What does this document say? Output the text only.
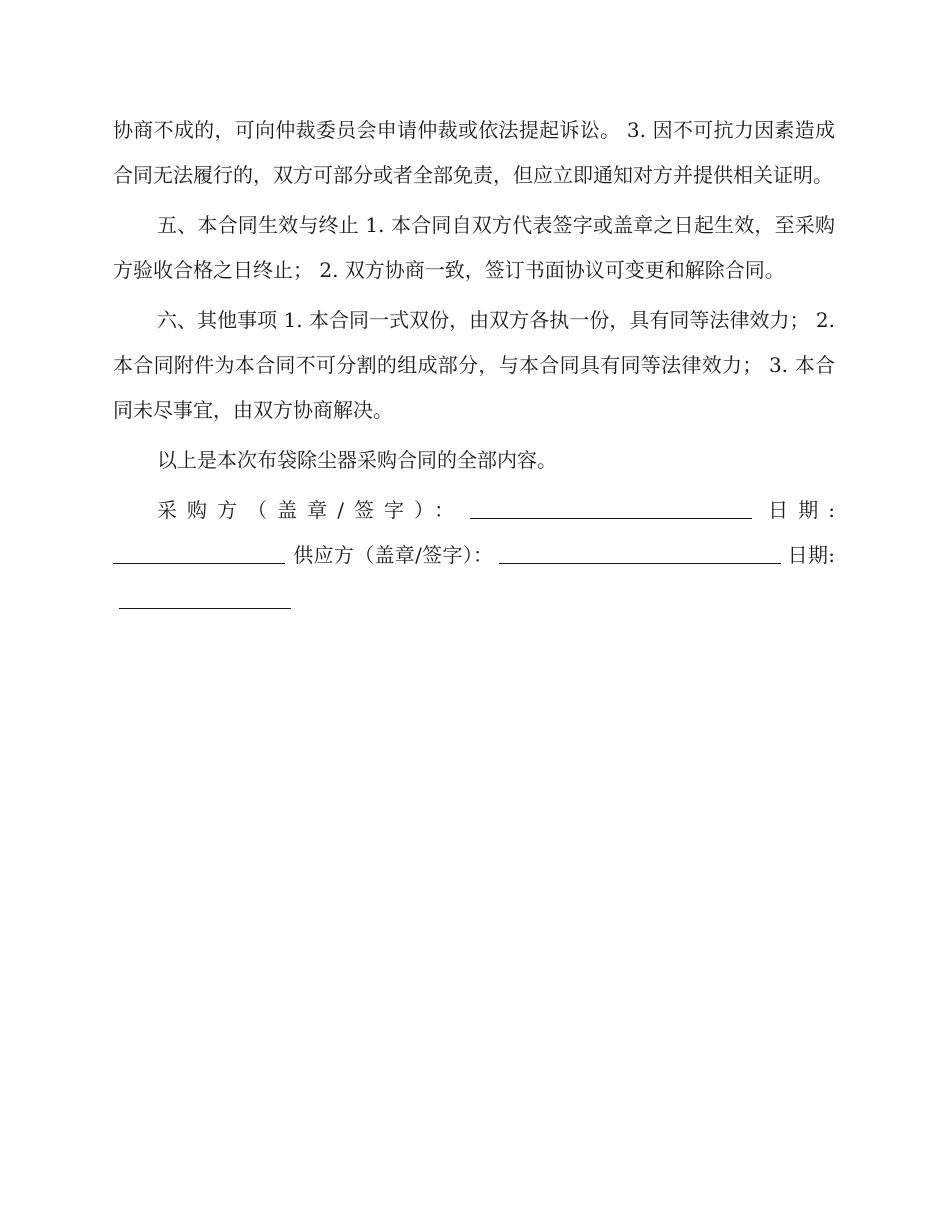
协商不成的，可向仲裁委员会申请仲裁或依法提起诉讼。 3. 因不可抗力因素造成合同无法履行的，双方可部分或者全部免责，但应立即通知对方并提供相关证明。

五、本合同生效与终止 1. 本合同自双方代表签字或盖章之日起生效，至采购方验收合格之日终止； 2. 双方协商一致，签订书面协议可变更和解除合同。

六、其他事项 1. 本合同一式双份，由双方各执一份，具有同等法律效力； 2. 本合同附件为本合同不可分割的组成部分，与本合同具有同等法律效力； 3. 本合同未尽事宜，由双方协商解决。

以上是本次布袋除尘器采购合同的全部内容。

采购方（盖章/签字）：	日期: 供应方（盖章/签字）：	日期:
